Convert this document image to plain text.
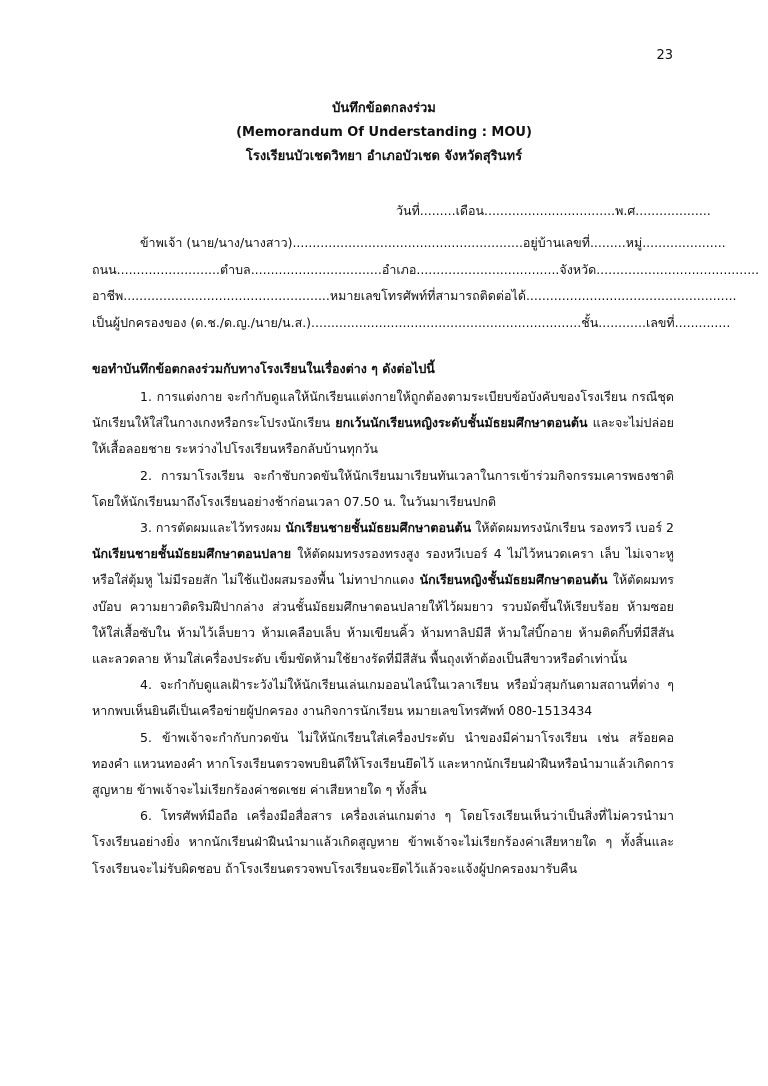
23
บันทึกข้อตกลงร่วม
(Memorandum Of Understanding : MOU)
โรงเรียนบัวเชดวิทยา อำเภอบัวเชด จังหวัดสุรินทร์
วันที่.........เดือน.................................พ.ศ...................
ข้าพเจ้า (นาย/นาง/นางสาว)..........................................................อยู่บ้านเลขที่.........หมู่.....................
ถนน..........................ตำบล.................................อำเภอ....................................จังหวัด.........................................
อาชีพ....................................................หมายเลขโทรศัพท์ที่สามารถติดต่อได้.....................................................
เป็นผู้ปกครองของ (ด.ช./ด.ญ./นาย/น.ส.)....................................................................ชั้น............เลขที่..............
ขอทำบันทึกข้อตกลงร่วมกับทางโรงเรียนในเรื่องต่าง ๆ ดังต่อไปนี้

1. การแต่งกาย จะกำกับดูแลให้นักเรียนแต่งกายให้ถูกต้องตามระเบียบข้อบังคับของโรงเรียน กรณีชุดนักเรียนให้ใส่ในกางเกงหรือกระโปรงนักเรียน ยกเว้นนักเรียนหญิงระดับชั้นมัธยมศึกษาตอนต้น และจะไม่ปล่อยให้เสื้อลอยชาย ระหว่างไปโรงเรียนหรือกลับบ้านทุกวัน

2. การมาโรงเรียน จะกำชับกวดขันให้นักเรียนมาเรียนทันเวลาในการเข้าร่วมกิจกรรมเคารพธงชาติ โดยให้นักเรียนมาถึงโรงเรียนอย่างช้าก่อนเวลา 07.50 น. ในวันมาเรียนปกติ

3. การตัดผมและไว้ทรงผม นักเรียนชายชั้นมัธยมศึกษาตอนต้น ให้ตัดผมทรงนักเรียน รองทรวี เบอร์ 2 นักเรียนชายชั้นมัธยมศึกษาตอนปลาย ให้ตัดผมทรงรองทรงสูง รองหวีเบอร์ 4 ไม่ไว้หนวดเครา เล็บ ไม่เจาะหูหรือใส่ตุ้มหู ไม่มีรอยสัก ไม่ใช้แป้งผสมรองพื้น ไม่ทาปากแดง นักเรียนหญิงชั้นมัธยมศึกษาตอนต้น ให้ตัดผมทรงบ๊อบ ความยาวติดริมฝีปากล่าง ส่วนชั้นมัธยมศึกษาตอนปลายให้ไว้ผมยาว รวบมัดขึ้นให้เรียบร้อย ห้ามซอย ให้ใส่เสื้อซับใน ห้ามไว้เล็บยาว ห้ามเคลือบเล็บ ห้ามเขียนคิ้ว ห้ามทาลิปมีสี ห้ามใส่บิ๊กอาย ห้ามติดกิ๊บที่มีสีสันและลวดลาย ห้ามใส่เครื่องประดับ เข็มขัดห้ามใช้ยางรัดที่มีสีสัน พื้นถุงเท้าต้องเป็นสีขาวหรือดำเท่านั้น

4. จะกำกับดูแลเฝ้าระวังไม่ให้นักเรียนเล่นเกมออนไลน์ในเวลาเรียน หรือมั่วสุมกันตามสถานที่ต่าง ๆ หากพบเห็นยินดีเป็นเครือข่ายผู้ปกครอง งานกิจการนักเรียน หมายเลขโทรศัพท์ 080-1513434

5. ข้าพเจ้าจะกำกับกวดขัน ไม่ให้นักเรียนใส่เครื่องประดับ นำของมีค่ามาโรงเรียน เช่น สร้อยคอทองคำ แหวนทองคำ หากโรงเรียนตรวจพบยินดีให้โรงเรียนยึดไว้ และหากนักเรียนฝ่าฝืนหรือนำมาแล้วเกิดการสูญหาย ข้าพเจ้าจะไม่เรียกร้องค่าชดเชย ค่าเสียหายใด ๆ ทั้งสิ้น

6. โทรศัพท์มือถือ เครื่องมือสื่อสาร เครื่องเล่นเกมต่าง ๆ โดยโรงเรียนเห็นว่าเป็นสิ่งที่ไม่ควรนำมาโรงเรียนอย่างยิ่ง หากนักเรียนฝ่าฝืนนำมาแล้วเกิดสูญหาย ข้าพเจ้าจะไม่เรียกร้องค่าเสียหายใด ๆ ทั้งสิ้นและโรงเรียนจะไม่รับผิดชอบ ถ้าโรงเรียนตรวจพบโรงเรียนจะยึดไว้แล้วจะแจ้งผู้ปกครองมารับคืน
